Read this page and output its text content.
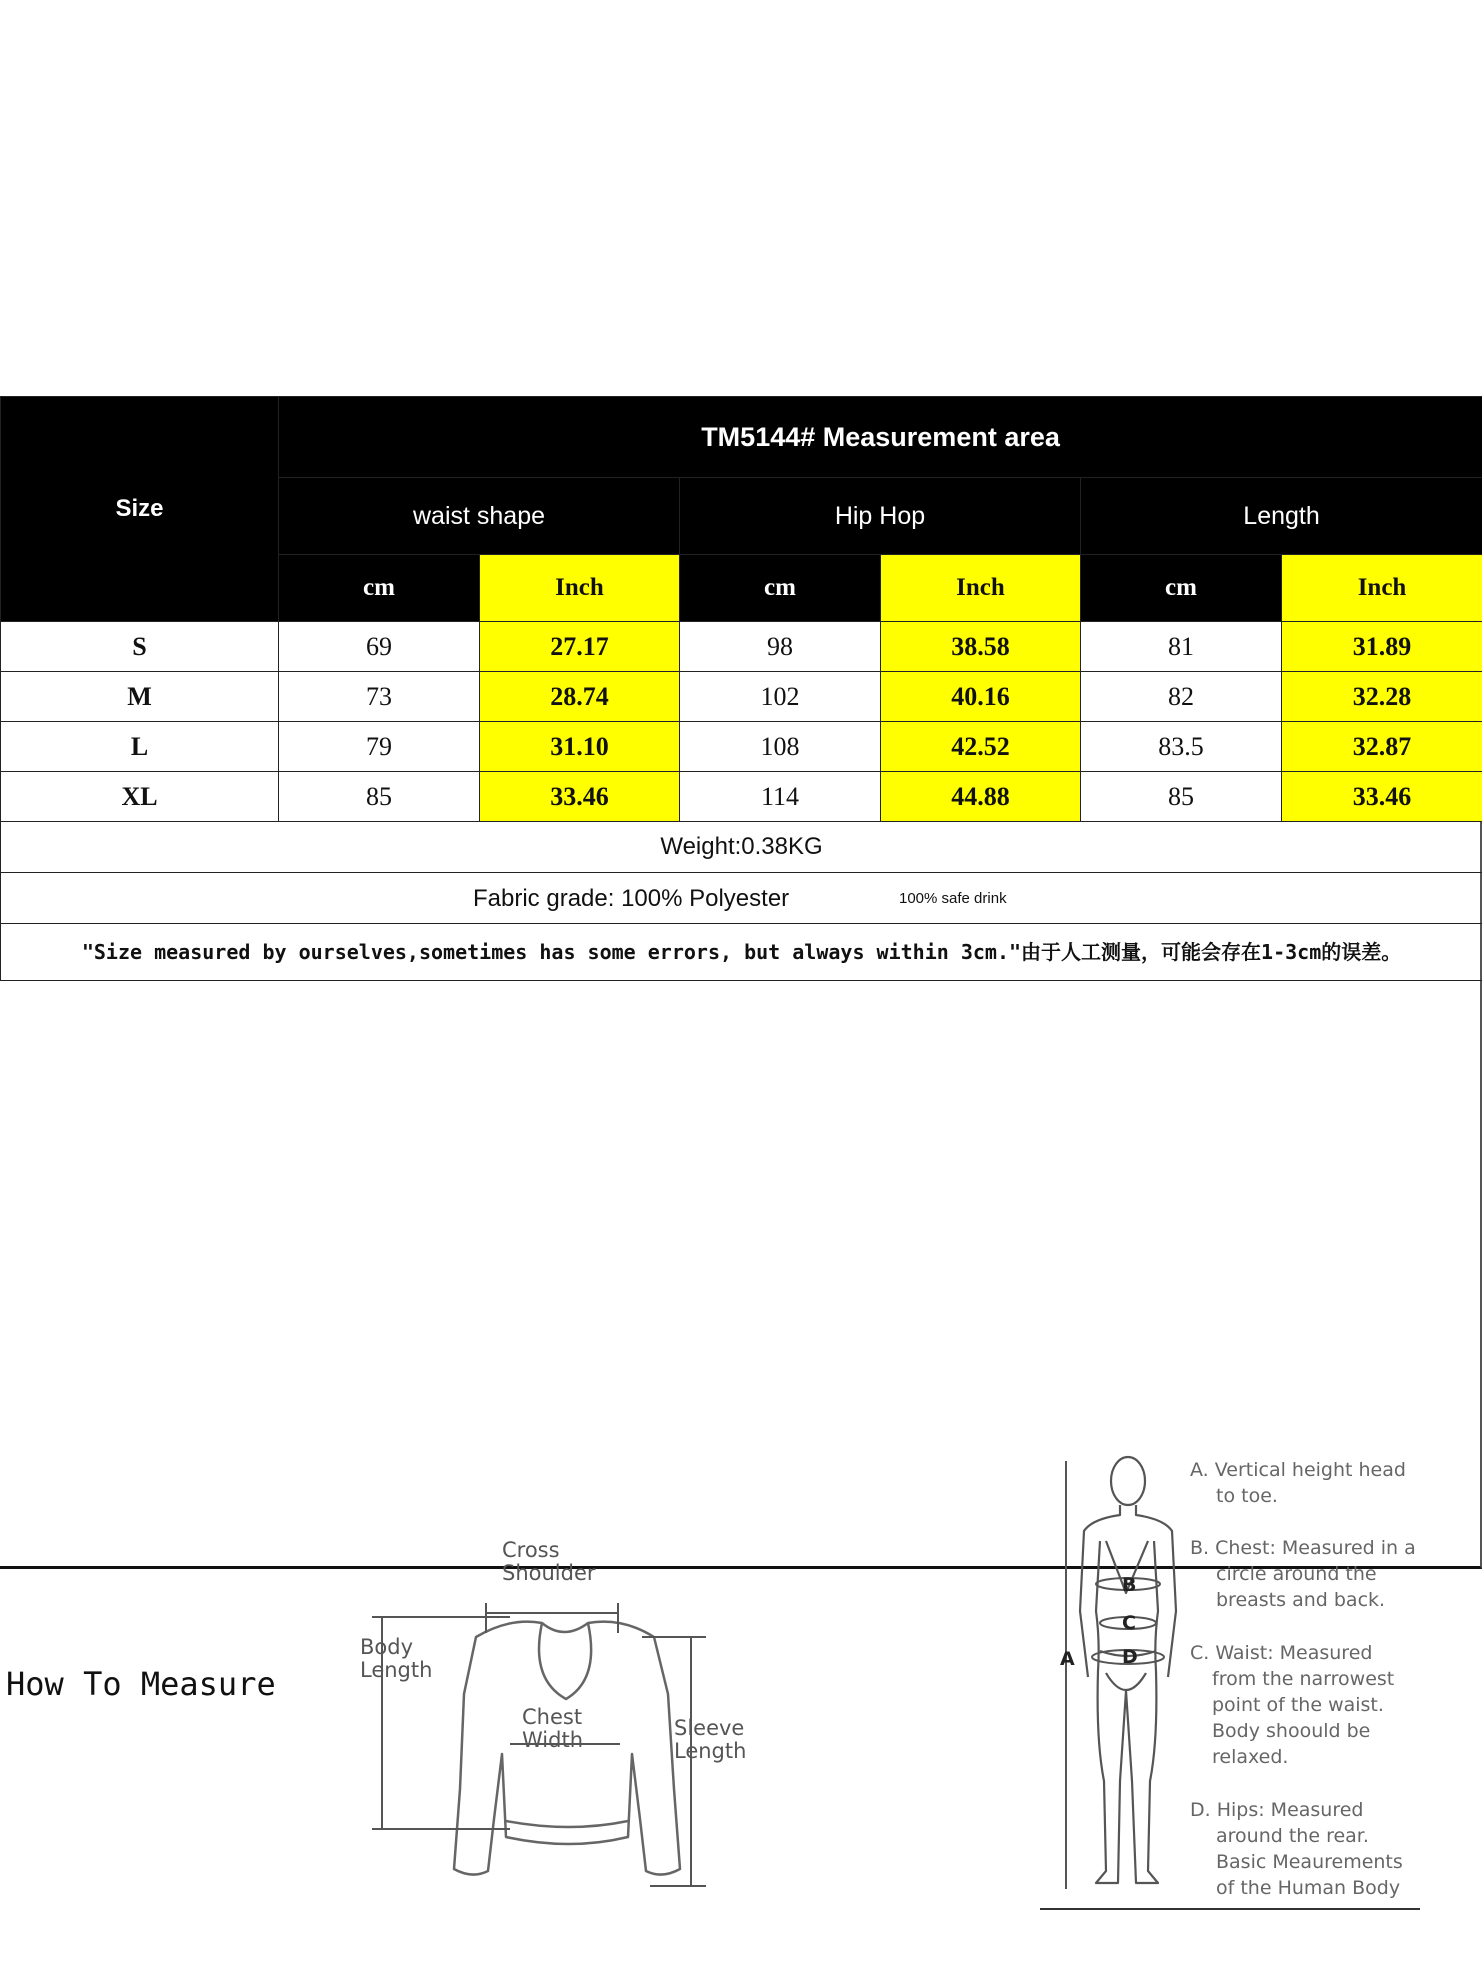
Size	TM5144# Measurement area					
	waist shape		Hip Hop		Length	
	cm	Inch	cm	Inch	cm	Inch
S	69	27.17	98	38.58	81	31.89
M	73	28.74	102	40.16	82	32.28
L	79	31.10	108	42.52	83.5	32.87
XL	85	33.46	114	44.88	85	33.46
Weight:0.38KG						

Fabric grade: 100% Polyester 100% safe drink						

"Size measured by ourselves,sometimes has some errors, but always within 3cm."由于人工测量，可能会存在1-3cm的误差。						
How To Measure
Cross
Shoulder
Body
Length
Chest
Width	Sleeve
Length
A
B
C
D
A. Vertical height head
to toe.
B. Chest: Measured in a
circle around the
breasts and back.
C. Waist: Measured
from the narrowest
point of the waist.
Body shoould be
relaxed.
D. Hips: Measured
around the rear.
Basic Meaurements
of the Human Body
